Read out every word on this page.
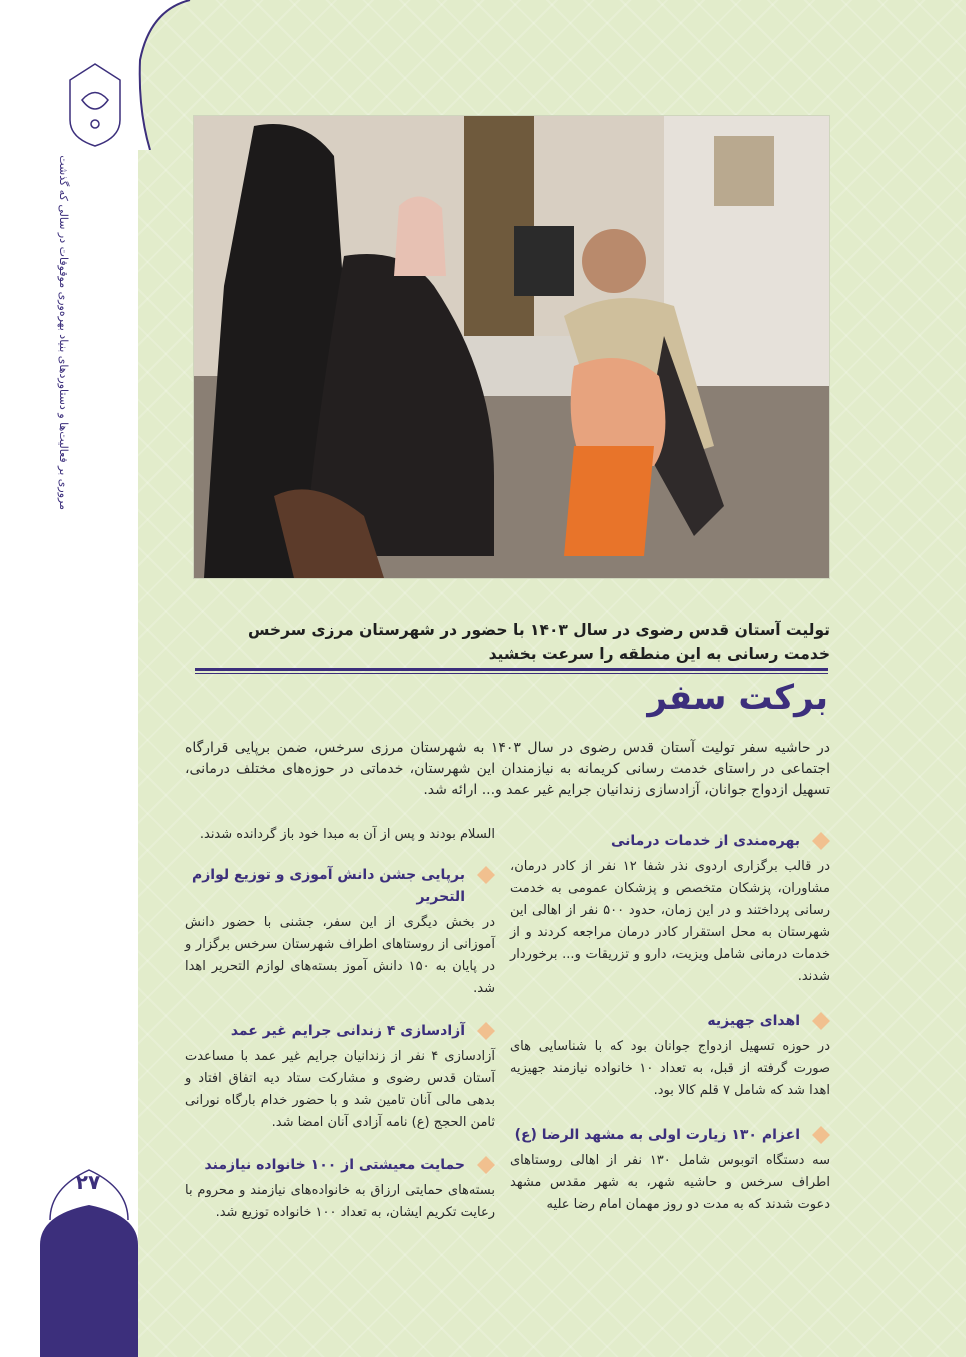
مروری بر فعالیت‌ها و دستاوردهای بنیاد بهره‌وری موقوفات در سالی که گذشت
۲۷
تولیت آستان قدس رضوی در سال ۱۴۰۳ با حضور در شهرستان مرزی سرخس خدمت رسانی به این منطقه را سرعت بخشید
برکت سفر
در حاشیه سفر تولیت آستان قدس رضوی در سال ۱۴۰۳ به شهرستان مرزی سرخس، ضمن برپایی قرارگاه اجتماعی در راستای خدمت رسانی کریمانه به نیازمندان این شهرستان، خدماتی در حوزه‌های مختلف درمانی، تسهیل ازدواج جوانان، آزادسازی زندانیان جرایم غیر عمد و... ارائه شد.
بهره‌مندی از خدمات درمانی
در قالب برگزاری اردوی نذر شفا ۱۲ نفر از کادر درمان، مشاوران، پزشکان متخصص و پزشکان عمومی به خدمت رسانی پرداختند و در این زمان، حدود ۵۰۰ نفر از اهالی این شهرستان به محل استقرار کادر درمان مراجعه کردند و از خدمات درمانی شامل ویزیت، دارو و تزریقات و... برخوردار شدند.
اهدای جهیزیه
در حوزه تسهیل ازدواج جوانان بود که با شناسایی های صورت گرفته از قبل، به تعداد ۱۰ خانواده نیازمند جهیزیه اهدا شد که شامل ۷ قلم کالا بود.
اعزام ۱۳۰ زیارت اولی به مشهد الرضا (ع)
سه دستگاه اتوبوس شامل ۱۳۰ نفر از اهالی روستاهای اطراف سرخس و حاشیه شهر، به شهر مقدس مشهد دعوت شدند که به مدت دو روز مهمان امام رضا علیه
السلام بودند و پس از آن به مبدا خود باز گردانده شدند.
برپایی جشن دانش آموزی و توزیع لوازم التحریر
در بخش دیگری از این سفر، جشنی با حضور دانش آموزانی از روستاهای اطراف شهرستان سرخس برگزار و در پایان به ۱۵۰ دانش آموز بسته‌های لوازم التحریر اهدا شد.
آزادسازی ۴ زندانی جرایم غیر عمد
آزادسازی ۴ نفر از زندانیان جرایم غیر عمد با مساعدت آستان قدس رضوی و مشارکت ستاد دیه اتفاق افتاد و بدهی مالی آنان تامین شد و با حضور خدام بارگاه نورانی ثامن الحجج (ع) نامه آزادی آنان امضا شد.
حمایت معیشتی از ۱۰۰ خانواده نیازمند
بسته‌های حمایتی ارزاق به خانواده‌های نیازمند و محروم با رعایت تکریم ایشان، به تعداد ۱۰۰ خانواده توزیع شد.
